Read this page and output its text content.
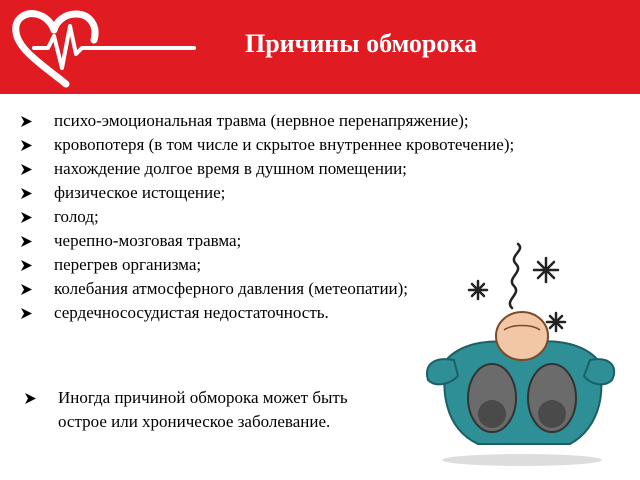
Причины обморока
психо-эмоциональная травма (нервное перенапряжение);
кровопотеря (в том числе и скрытое внутреннее кровотечение);
нахождение долгое время в душном помещении;
физическое истощение;
голод;
черепно-мозговая травма;
перегрев организма;
колебания атмосферного давления (метеопатии);
сердечнососудистая недостаточность.
Иногда причиной обморока может быть острое или хроническое заболевание.
